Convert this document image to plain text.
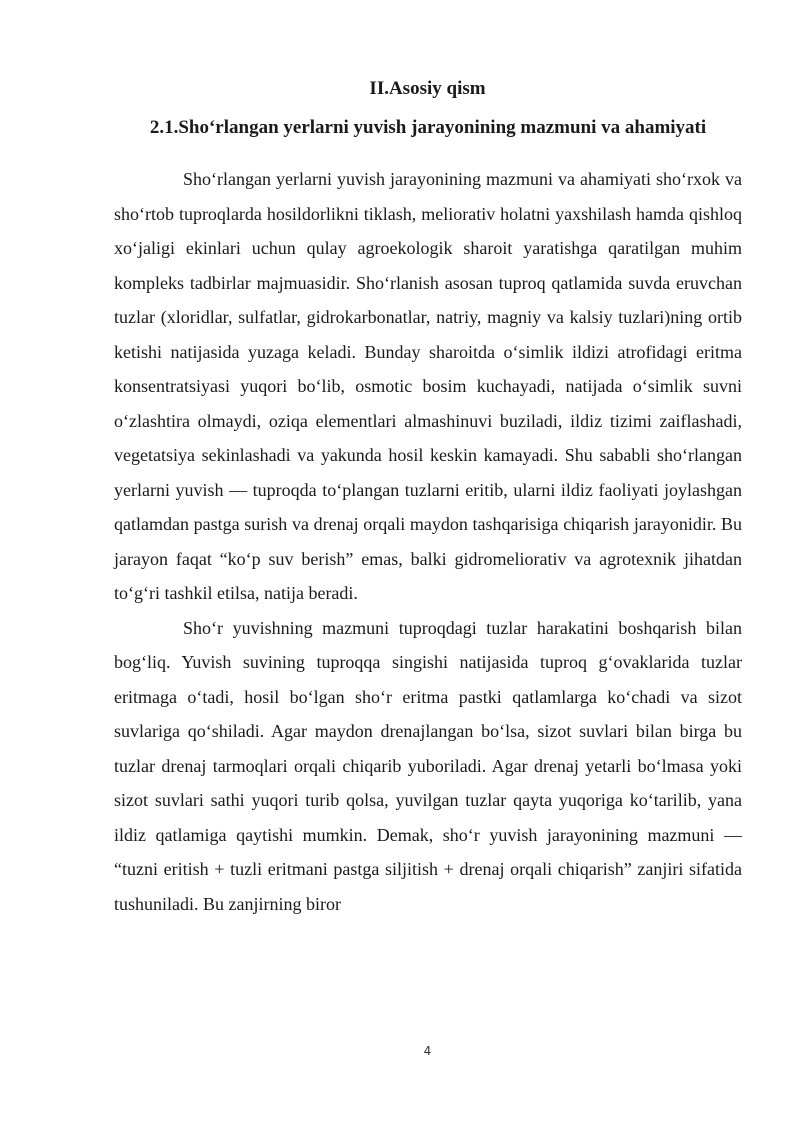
II.Asosiy qism
2.1.Sho‘rlangan yerlarni yuvish jarayonining mazmuni va ahamiyati

Sho‘rlangan yerlarni yuvish jarayonining mazmuni va ahamiyati sho‘rxok va sho‘rtob tuproqlarda hosildorlikni tiklash, meliorativ holatni yaxshilash hamda qishloq xo‘jaligi ekinlari uchun qulay agroekologik sharoit yaratishga qaratilgan muhim kompleks tadbirlar majmuasidir. Sho‘rlanish asosan tuproq qatlamida suvda eruvchan tuzlar (xloridlar, sulfatlar, gidrokarbonatlar, natriy, magniy va kalsiy tuzlari)ning ortib ketishi natijasida yuzaga keladi. Bunday sharoitda o‘simlik ildizi atrofidagi eritma konsentratsiyasi yuqori bo‘lib, osmotic bosim kuchayadi, natijada o‘simlik suvni o‘zlashtira olmaydi, oziqa elementlari almashinuvi buziladi, ildiz tizimi zaiflashadi, vegetatsiya sekinlashadi va yakunda hosil keskin kamayadi. Shu sababli sho‘rlangan yerlarni yuvish — tuproqda to‘plangan tuzlarni eritib, ularni ildiz faoliyati joylashgan qatlamdan pastga surish va drenaj orqali maydon tashqarisiga chiqarish jarayonidir. Bu jarayon faqat “ko‘p suv berish” emas, balki gidromeliorativ va agrotexnik jihatdan to‘g‘ri tashkil etilsa, natija beradi.

Sho‘r yuvishning mazmuni tuproqdagi tuzlar harakatini boshqarish bilan bog‘liq. Yuvish suvining tuproqqa singishi natijasida tuproq g‘ovaklarida tuzlar eritmaga o‘tadi, hosil bo‘lgan sho‘r eritma pastki qatlamlarga ko‘chadi va sizot suvlariga qo‘shiladi. Agar maydon drenajlangan bo‘lsa, sizot suvlari bilan birga bu tuzlar drenaj tarmoqlari orqali chiqarib yuboriladi. Agar drenaj yetarli bo‘lmasa yoki sizot suvlari sathi yuqori turib qolsa, yuvilgan tuzlar qayta yuqoriga ko‘tarilib, yana ildiz qatlamiga qaytishi mumkin. Demak, sho‘r yuvish jarayonining mazmuni — “tuzni eritish + tuzli eritmani pastga siljitish + drenaj orqali chiqarish” zanjiri sifatida tushuniladi. Bu zanjirning biror

4
